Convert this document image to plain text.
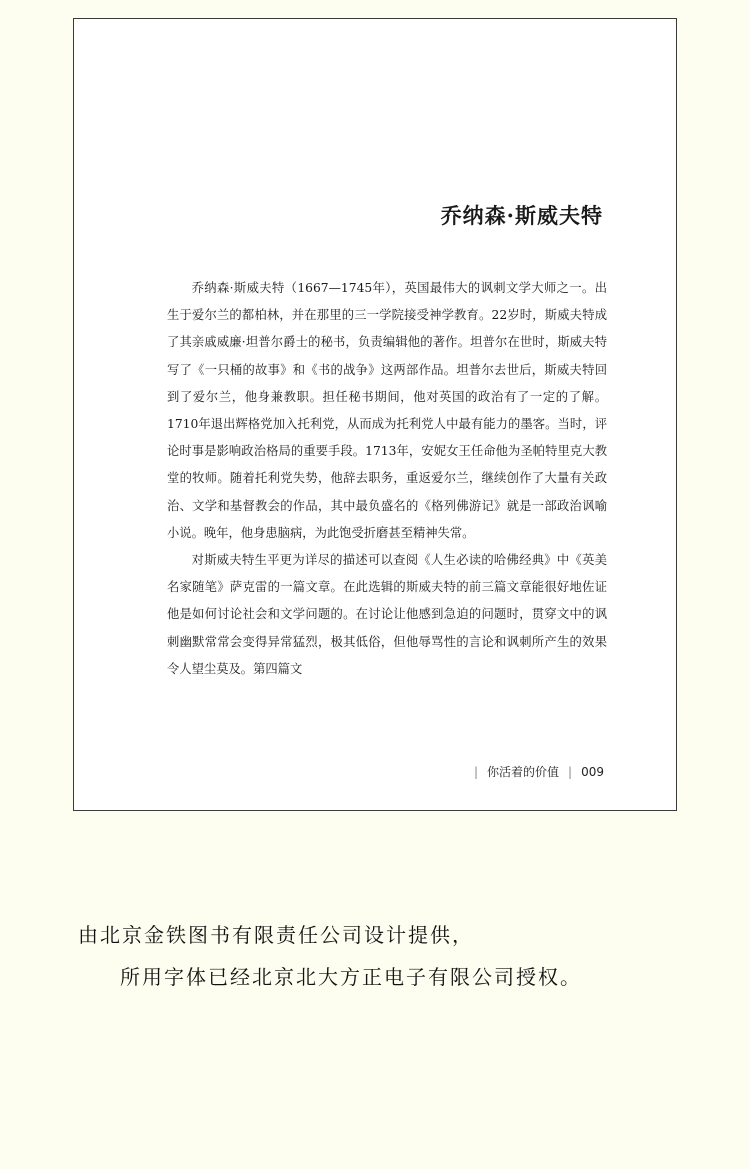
乔纳森·斯威夫特

乔纳森·斯威夫特（1667—1745年），英国最伟大的讽刺文学大师之一。出生于爱尔兰的都柏林，并在那里的三一学院接受神学教育。22岁时，斯威夫特成了其亲戚威廉·坦普尔爵士的秘书，负责编辑他的著作。坦普尔在世时，斯威夫特写了《一只桶的故事》和《书的战争》这两部作品。坦普尔去世后，斯威夫特回到了爱尔兰，他身兼教职。担任秘书期间，他对英国的政治有了一定的了解。1710年退出辉格党加入托利党，从而成为托利党人中最有能力的墨客。当时，评论时事是影响政治格局的重要手段。1713年，安妮女王任命他为圣帕特里克大教堂的牧师。随着托利党失势，他辞去职务，重返爱尔兰，继续创作了大量有关政治、文学和基督教会的作品，其中最负盛名的《格列佛游记》就是一部政治讽喻小说。晚年，他身患脑病，为此饱受折磨甚至精神失常。

对斯威夫特生平更为详尽的描述可以查阅《人生必读的哈佛经典》中《英美名家随笔》萨克雷的一篇文章。在此选辑的斯威夫特的前三篇文章能很好地佐证他是如何讨论社会和文学问题的。在讨论让他感到急迫的问题时，贯穿文中的讽刺幽默常常会变得异常猛烈，极其低俗，但他辱骂性的言论和讽刺所产生的效果令人望尘莫及。第四篇文

| 你活着的价值 | 009
由北京金铁图书有限责任公司设计提供，
所用字体已经北京北大方正电子有限公司授权。
